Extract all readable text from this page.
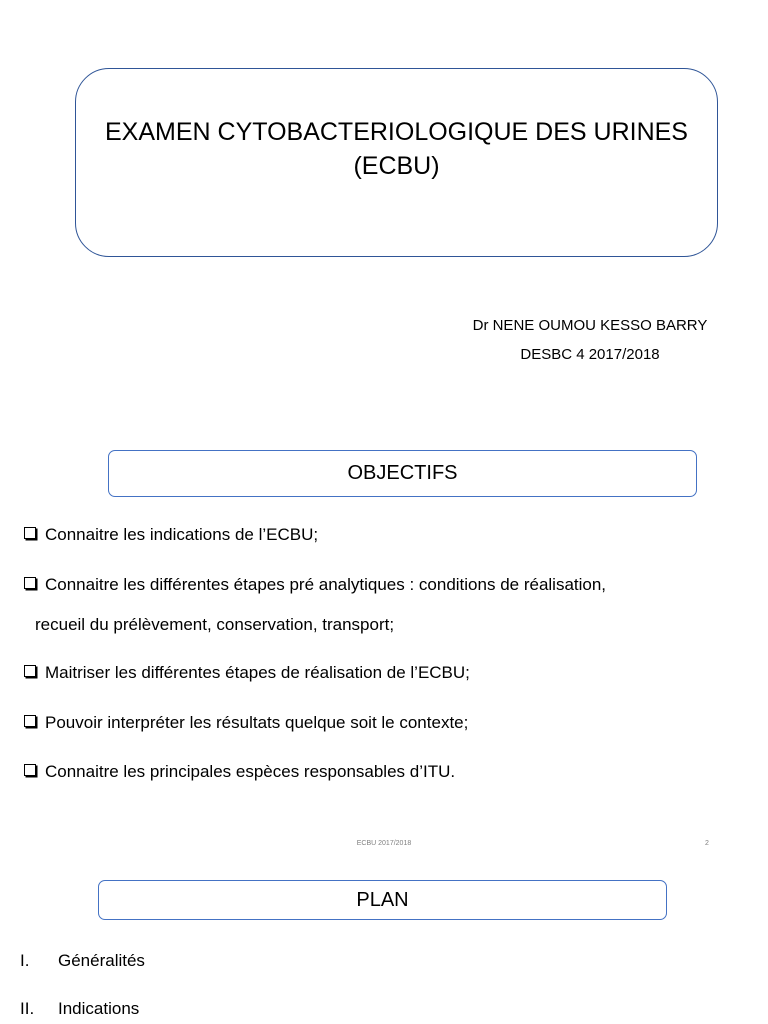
EXAMEN CYTOBACTERIOLOGIQUE DES URINES
(ECBU)
Dr NENE OUMOU KESSO BARRY
DESBC 4 2017/2018
OBJECTIFS
Connaitre les indications de l’ECBU;
Connaitre les différentes étapes pré analytiques : conditions de réalisation,
recueil du prélèvement, conservation, transport;
Maitriser les différentes étapes de réalisation de l’ECBU;
Pouvoir interpréter les résultats quelque soit le contexte;
Connaitre les principales espèces responsables d’ITU.
ECBU 2017/2018	2
PLAN
I.	Généralités
II.	Indications
